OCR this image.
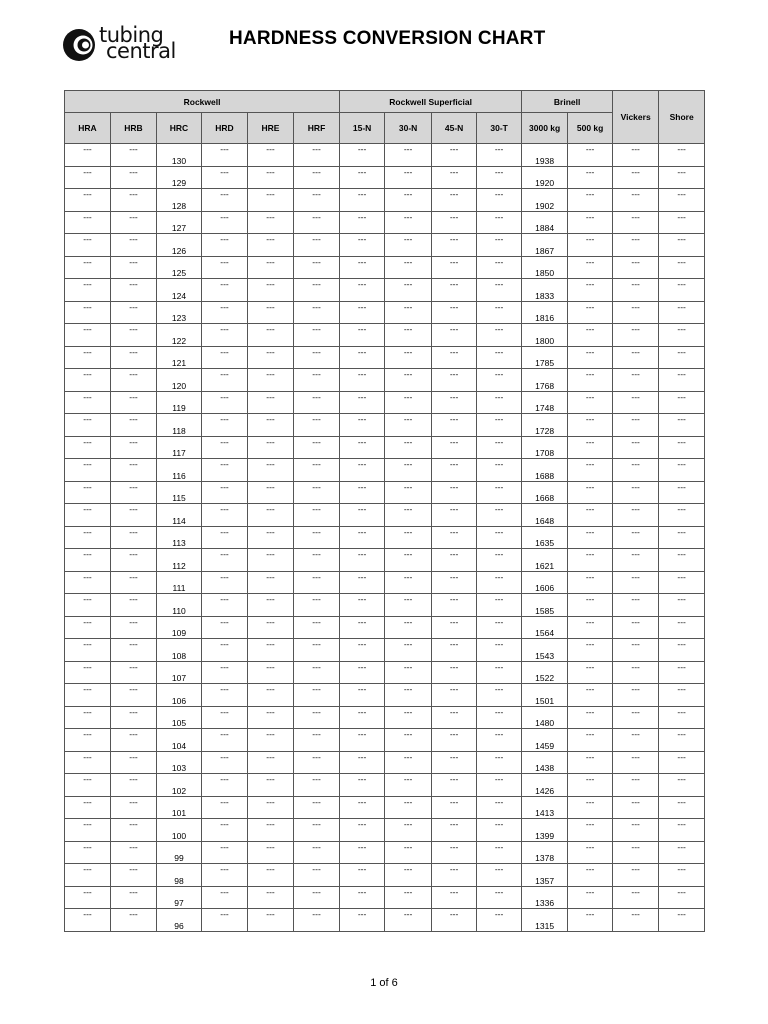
tubing
central
HARDNESS CONVERSION CHART
Rockwell						Rockwell Superficial				Brinell		Vickers	Shore
HRA	HRB	HRC	HRD	HRE	HRF	15-N	30-N	45-N	30-T	3000 kg	500 kg		
---	---	130	---	---	---	---	---	---	---	1938	---	---	---
---	---	129	---	---	---	---	---	---	---	1920	---	---	---
---	---	128	---	---	---	---	---	---	---	1902	---	---	---
---	---	127	---	---	---	---	---	---	---	1884	---	---	---
---	---	126	---	---	---	---	---	---	---	1867	---	---	---
---	---	125	---	---	---	---	---	---	---	1850	---	---	---
---	---	124	---	---	---	---	---	---	---	1833	---	---	---
---	---	123	---	---	---	---	---	---	---	1816	---	---	---
---	---	122	---	---	---	---	---	---	---	1800	---	---	---
---	---	121	---	---	---	---	---	---	---	1785	---	---	---
---	---	120	---	---	---	---	---	---	---	1768	---	---	---
---	---	119	---	---	---	---	---	---	---	1748	---	---	---
---	---	118	---	---	---	---	---	---	---	1728	---	---	---
---	---	117	---	---	---	---	---	---	---	1708	---	---	---
---	---	116	---	---	---	---	---	---	---	1688	---	---	---
---	---	115	---	---	---	---	---	---	---	1668	---	---	---
---	---	114	---	---	---	---	---	---	---	1648	---	---	---
---	---	113	---	---	---	---	---	---	---	1635	---	---	---
---	---	112	---	---	---	---	---	---	---	1621	---	---	---
---	---	111	---	---	---	---	---	---	---	1606	---	---	---
---	---	110	---	---	---	---	---	---	---	1585	---	---	---
---	---	109	---	---	---	---	---	---	---	1564	---	---	---
---	---	108	---	---	---	---	---	---	---	1543	---	---	---
---	---	107	---	---	---	---	---	---	---	1522	---	---	---
---	---	106	---	---	---	---	---	---	---	1501	---	---	---
---	---	105	---	---	---	---	---	---	---	1480	---	---	---
---	---	104	---	---	---	---	---	---	---	1459	---	---	---
---	---	103	---	---	---	---	---	---	---	1438	---	---	---
---	---	102	---	---	---	---	---	---	---	1426	---	---	---
---	---	101	---	---	---	---	---	---	---	1413	---	---	---
---	---	100	---	---	---	---	---	---	---	1399	---	---	---
---	---	99	---	---	---	---	---	---	---	1378	---	---	---
---	---	98	---	---	---	---	---	---	---	1357	---	---	---
---	---	97	---	---	---	---	---	---	---	1336	---	---	---
---	---	96	---	---	---	---	---	---	---	1315	---	---	---
1 of 6
